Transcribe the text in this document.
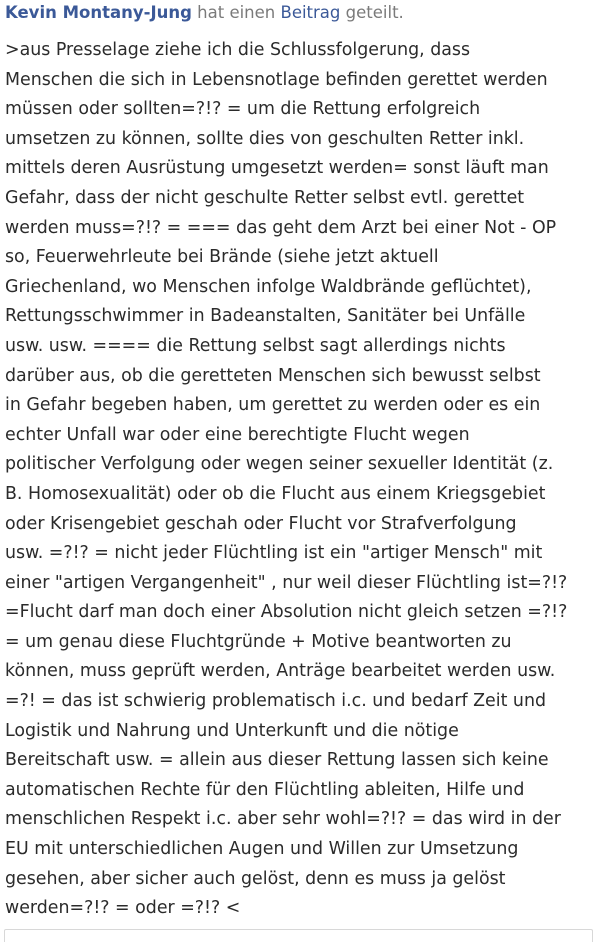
Kevin Montany-Jung hat einen Beitrag geteilt.
>aus Presselage ziehe ich die Schlussfolgerung, dass
Menschen die sich in Lebensnotlage befinden gerettet werden
müssen oder sollten=?!? = um die Rettung erfolgreich
umsetzen zu können, sollte dies von geschulten Retter inkl.
mittels deren Ausrüstung umgesetzt werden= sonst läuft man
Gefahr, dass der nicht geschulte Retter selbst evtl. gerettet
werden muss=?!? = === das geht dem Arzt bei einer Not - OP
so, Feuerwehrleute bei Brände (siehe jetzt aktuell
Griechenland, wo Menschen infolge Waldbrände geflüchtet),
Rettungsschwimmer in Badeanstalten, Sanitäter bei Unfälle
usw. usw. ==== die Rettung selbst sagt allerdings nichts
darüber aus, ob die geretteten Menschen sich bewusst selbst
in Gefahr begeben haben, um gerettet zu werden oder es ein
echter Unfall war oder eine berechtigte Flucht wegen
politischer Verfolgung oder wegen seiner sexueller Identität (z.
B. Homosexualität) oder ob die Flucht aus einem Kriegsgebiet
oder Krisengebiet geschah oder Flucht vor Strafverfolgung
usw. =?!? = nicht jeder Flüchtling ist ein "artiger Mensch" mit
einer "artigen Vergangenheit" , nur weil dieser Flüchtling ist=?!?
=Flucht darf man doch einer Absolution nicht gleich setzen =?!?
= um genau diese Fluchtgründe + Motive beantworten zu
können, muss geprüft werden, Anträge bearbeitet werden usw.
=?! = das ist schwierig problematisch i.c. und bedarf Zeit und
Logistik und Nahrung und Unterkunft und die nötige
Bereitschaft usw. = allein aus dieser Rettung lassen sich keine
automatischen Rechte für den Flüchtling ableiten, Hilfe und
menschlichen Respekt i.c. aber sehr wohl=?!? = das wird in der
EU mit unterschiedlichen Augen und Willen zur Umsetzung
gesehen, aber sicher auch gelöst, denn es muss ja gelöst
werden=?!? = oder =?!? <
